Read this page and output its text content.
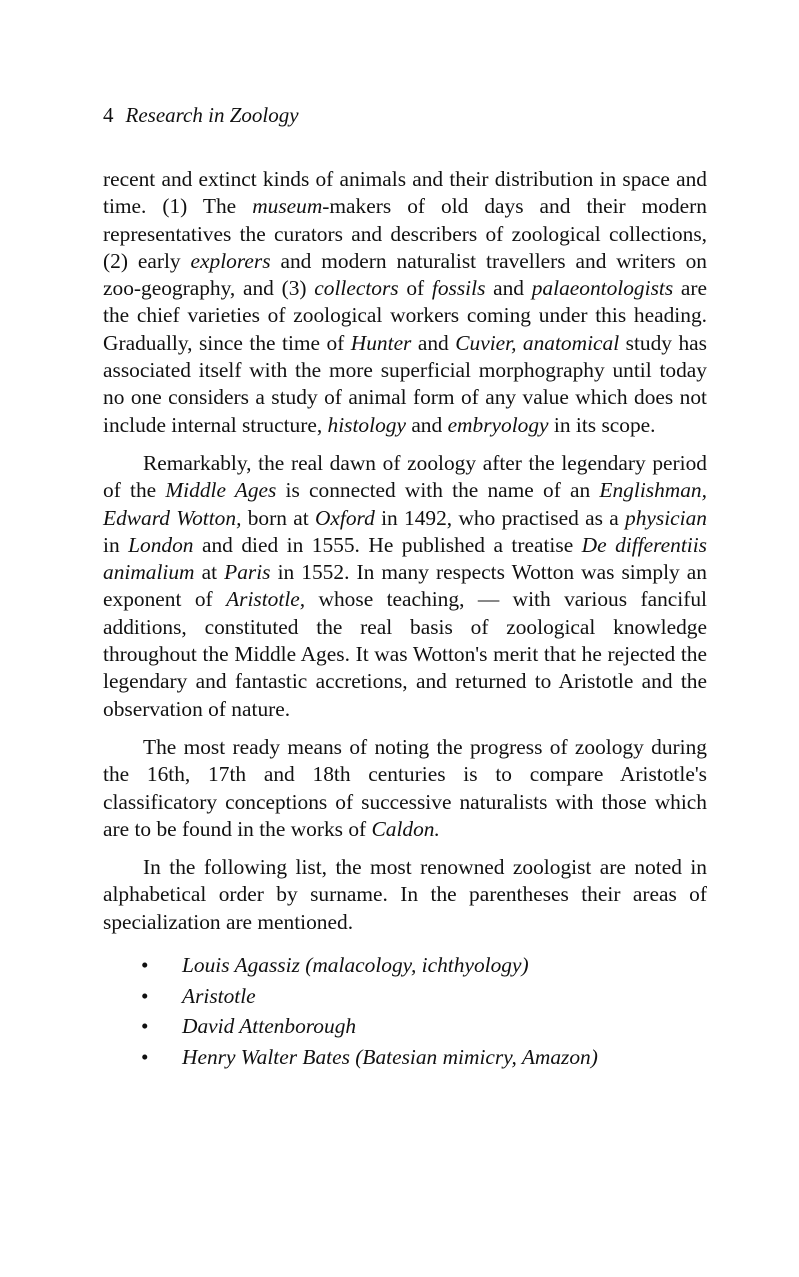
4 Research in Zoology

recent and extinct kinds of animals and their distribution in space and time. (1) The museum-makers of old days and their modern representatives the curators and describers of zoological collections, (2) early explorers and modern naturalist travellers and writers on zoo-geography, and (3) collectors of fossils and palaeontologists are the chief varieties of zoological workers coming under this heading. Gradually, since the time of Hunter and Cuvier, anatomical study has associated itself with the more superficial morphography until today no one considers a study of animal form of any value which does not include internal structure, histology and embryology in its scope.

Remarkably, the real dawn of zoology after the legendary period of the Middle Ages is connected with the name of an Englishman, Edward Wotton, born at Oxford in 1492, who practised as a physician in London and died in 1555. He published a treatise De differentiis animalium at Paris in 1552. In many respects Wotton was simply an exponent of Aristotle, whose teaching, — with various fanciful additions, constituted the real basis of zoological knowledge throughout the Middle Ages. It was Wotton's merit that he rejected the legendary and fantastic accretions, and returned to Aristotle and the observation of nature.

The most ready means of noting the progress of zoology during the 16th, 17th and 18th centuries is to compare Aristotle's classificatory conceptions of successive naturalists with those which are to be found in the works of Caldon.

In the following list, the most renowned zoologist are noted in alphabetical order by surname. In the parentheses their areas of specialization are mentioned.

• Louis Agassiz (malacology, ichthyology)
• Aristotle
• David Attenborough
• Henry Walter Bates (Batesian mimicry, Amazon)
